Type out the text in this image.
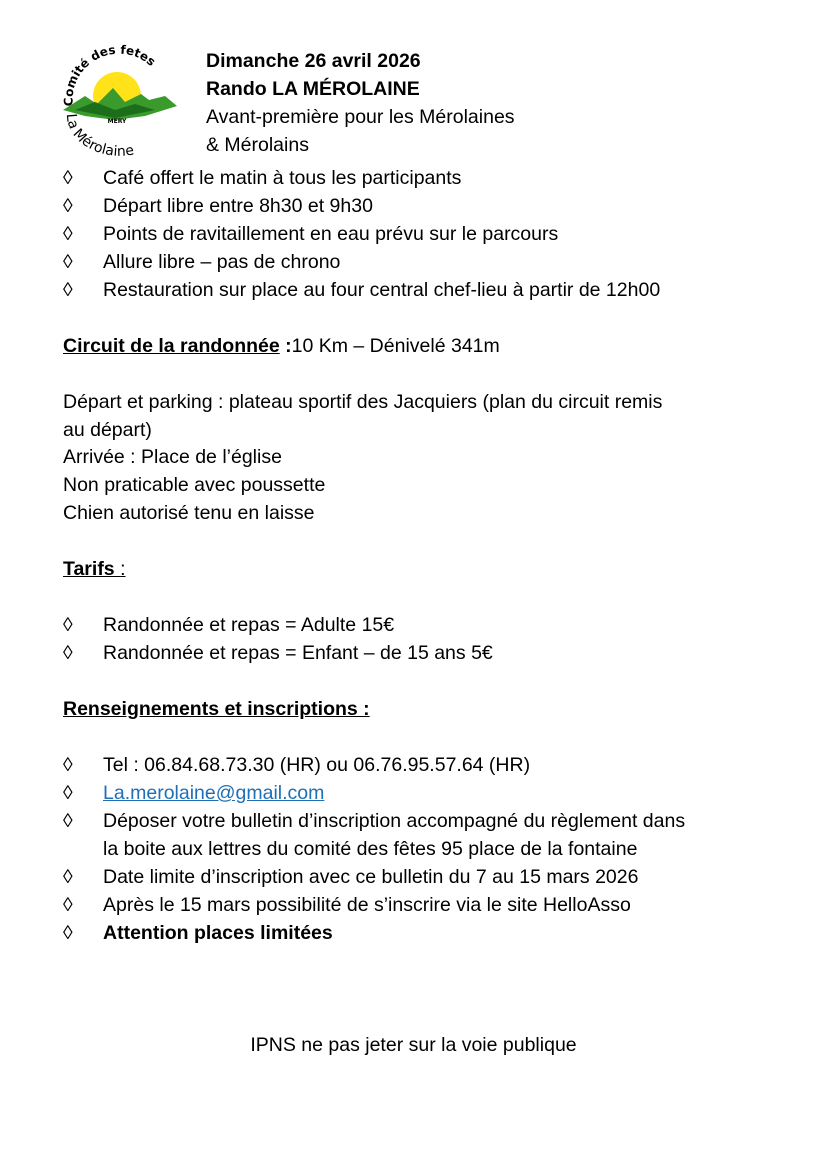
MERY
Comité des fetes
La Mérolaine
Dimanche 26 avril 2026
Rando LA MÉROLAINE
Avant-première pour les Mérolaines
& Mérolains
◊	Café offert le matin à tous les participants
◊	Départ libre entre 8h30 et 9h30
◊	Points de ravitaillement en eau prévu sur le parcours
◊	Allure libre – pas de chrono
◊	Restauration sur place au four central chef-lieu à partir de 12h00
Circuit de la randonnée :10 Km – Dénivelé 341m
Départ et parking : plateau sportif des Jacquiers (plan du circuit remis
au départ)
Arrivée : Place de l’église
Non praticable avec poussette
Chien autorisé tenu en laisse
Tarifs :
◊	Randonnée et repas = Adulte 15€
◊	Randonnée et repas = Enfant – de 15 ans 5€
Renseignements et inscriptions :
◊	Tel : 06.84.68.73.30 (HR) ou 06.76.95.57.64 (HR)
◊	La.merolaine@gmail.com
◊	Déposer votre bulletin d’inscription accompagné du règlement dans
la boite aux lettres du comité des fêtes 95 place de la fontaine
◊	Date limite d’inscription avec ce bulletin du 7 au 15 mars 2026
◊	Après le 15 mars possibilité de s’inscrire via le site HelloAsso
◊	Attention places limitées
IPNS ne pas jeter sur la voie publique
